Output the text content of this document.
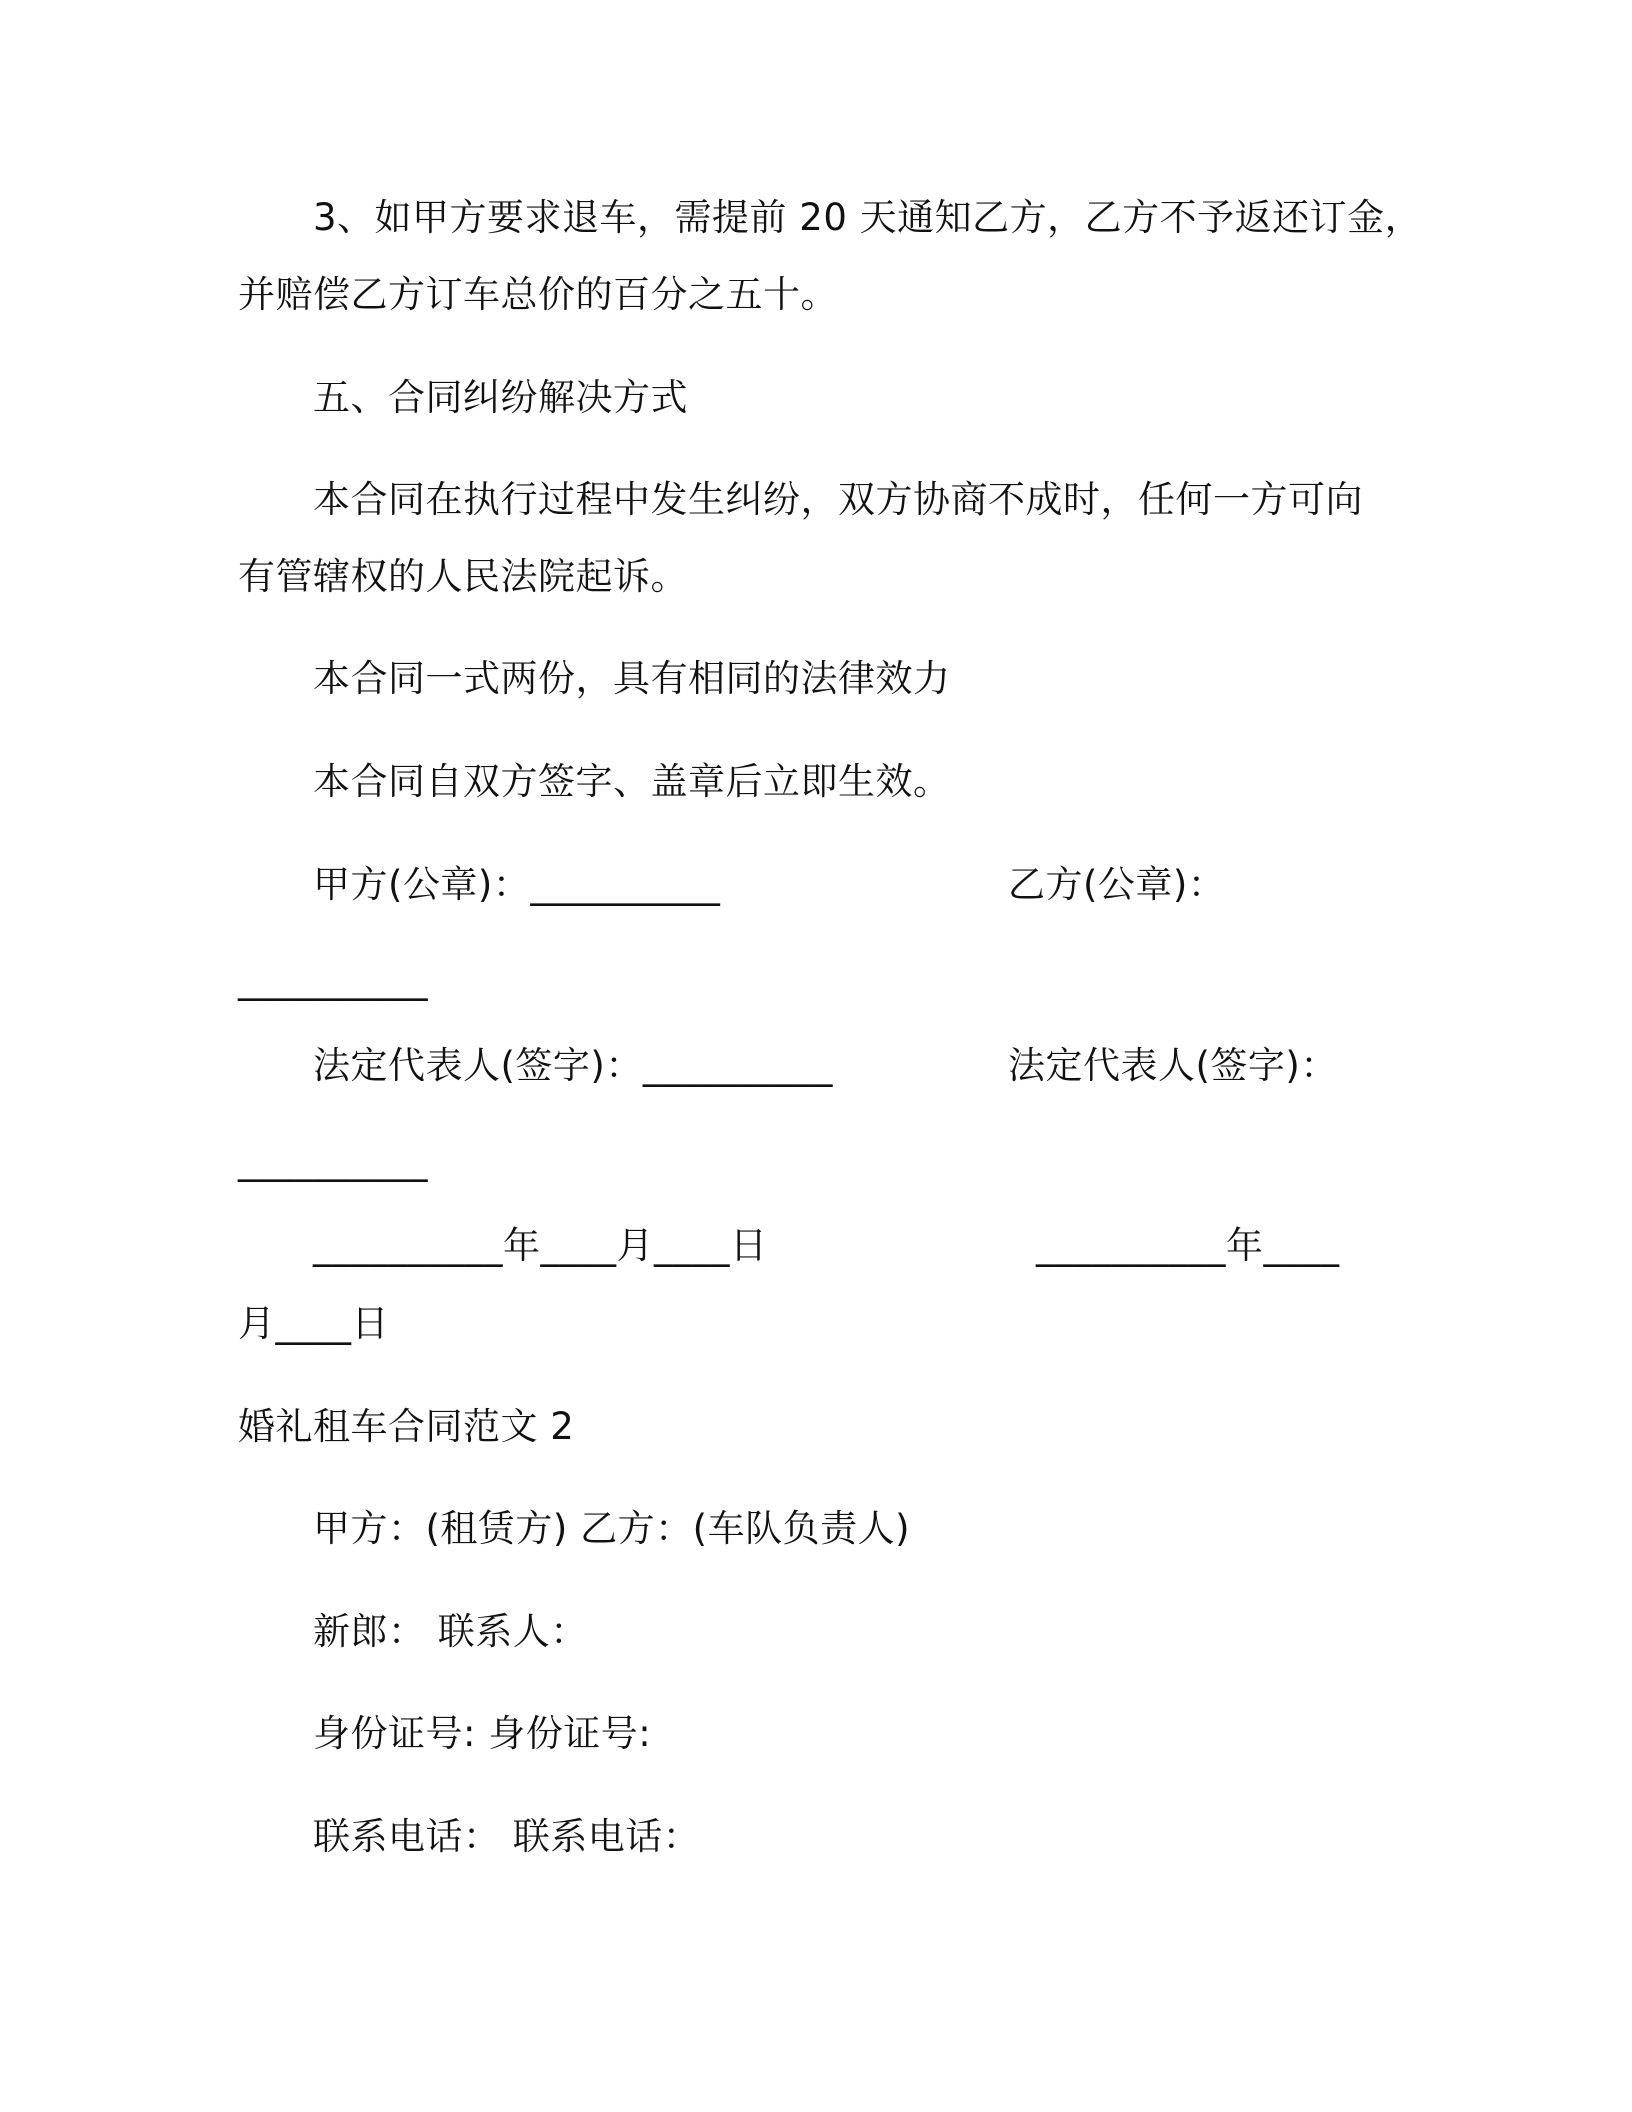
3、如甲方要求退车，需提前 20 天通知乙方，乙方不予返还订金，
并赔偿乙方订车总价的百分之五十。
五、合同纠纷解决方式
本合同在执行过程中发生纠纷，双方协商不成时，任何一方可向
有管辖权的人民法院起诉。
本合同一式两份，具有相同的法律效力
本合同自双方签字、盖章后立即生效。
甲方(公章)：__________	乙方(公章)：
__________
法定代表人(签字)：__________	法定代表人(签字)：
__________
__________年____月____日	__________年____
月____日
婚礼租车合同范文 2
甲方：(租赁方) 乙方：(车队负责人)
新郎： 联系人：
身份证号: 身份证号:
联系电话： 联系电话：
